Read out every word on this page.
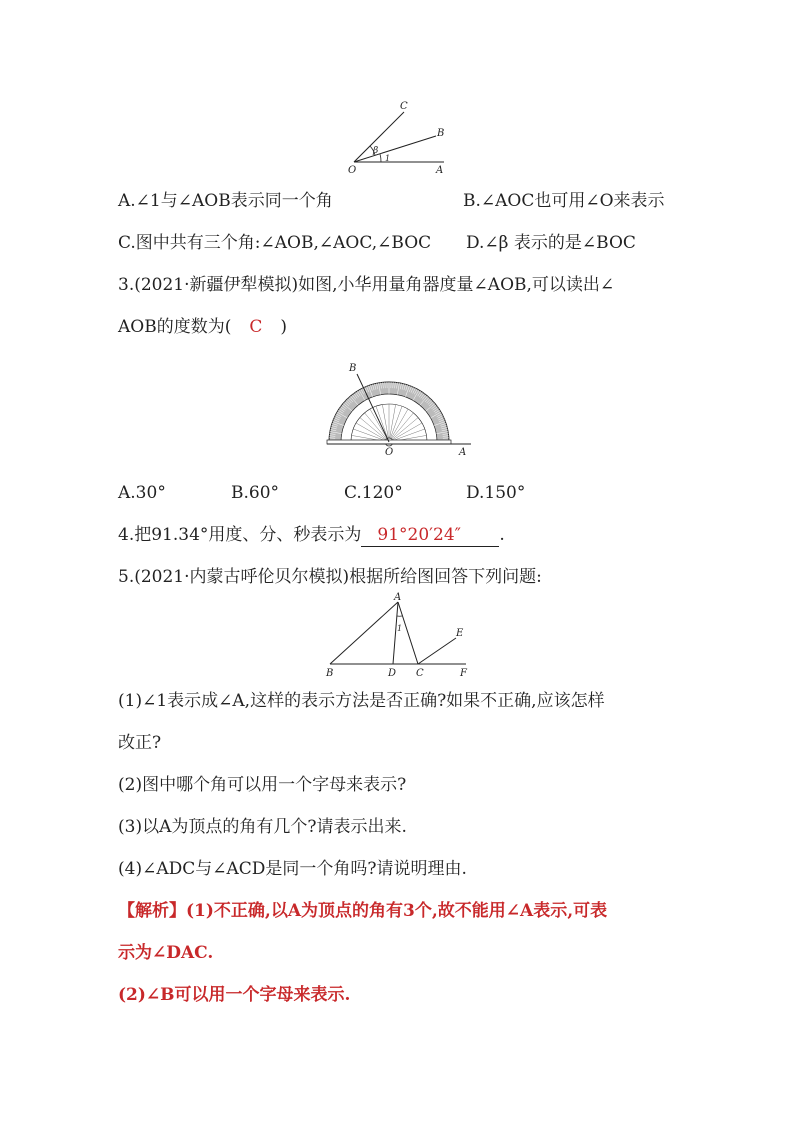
C
B
O	A
β
1
A.∠1与∠AOB表示同一个角	B.∠AOC也可用∠O来表示
C.图中共有三个角:∠AOB,∠AOC,∠BOC D.∠β 表示的是∠BOC
3.(2021·新疆伊犁模拟)如图,小华用量角器度量∠AOB,可以读出∠
AOB的度数为( C )
B
O	A
A.30°	B.60°	C.120°	D.150°
4.把91.34°用度、分、秒表示为 91°20′24″ .
5.(2021·内蒙古呼伦贝尔模拟)根据所给图回答下列问题:
A
1
B	D C
E
F
(1)∠1表示成∠A,这样的表示方法是否正确?如果不正确,应该怎样
改正?
(2)图中哪个角可以用一个字母来表示?
(3)以A为顶点的角有几个?请表示出来.
(4)∠ADC与∠ACD是同一个角吗?请说明理由.
【解析】(1)不正确,以A为顶点的角有3个,故不能用∠A表示,可表
示为∠DAC.
(2)∠B可以用一个字母来表示.
